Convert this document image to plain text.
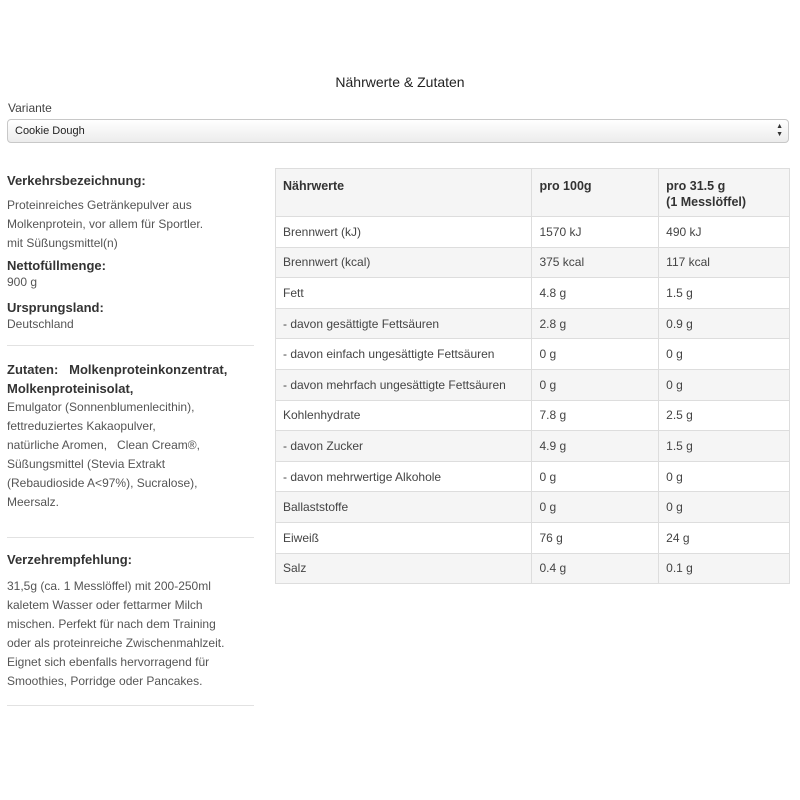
Nährwerte & Zutaten
Variante
Cookie Dough	▲
▼
Verkehrsbezeichnung:
Proteinreiches Getränkepulver aus
Molkenprotein, vor allem für Sportler.
mit Süßungsmittel(n)
Nettofüllmenge:
900 g
Ursprungsland:
Deutschland
Zutaten: Molkenproteinkonzentrat,
Molkenproteinisolat,
Emulgator (Sonnenblumenlecithin),
fettreduziertes Kakaopulver,
natürliche Aromen,   Clean Cream®,
Süßungsmittel (Stevia Extrakt
(Rebaudioside A<97%), Sucralose),
Meersalz.
Verzehrempfehlung:
31,5g (ca. 1 Messlöffel) mit 200-250ml
kaletem Wasser oder fettarmer Milch
mischen. Perfekt für nach dem Training
oder als proteinreiche Zwischenmahlzeit.
Eignet sich ebenfalls hervorragend für
Smoothies, Porridge oder Pancakes.
Nährwerte	pro 100g	pro 31.5 g
(1 Messlöffel)
Brennwert (kJ)	1570 kJ	490 kJ
Brennwert (kcal)	375 kcal	117 kcal
Fett	4.8 g	1.5 g
- davon gesättigte Fettsäuren	2.8 g	0.9 g
- davon einfach ungesättigte Fettsäuren	0 g	0 g
- davon mehrfach ungesättigte Fettsäuren	0 g	0 g
Kohlenhydrate	7.8 g	2.5 g
- davon Zucker	4.9 g	1.5 g
- davon mehrwertige Alkohole	0 g	0 g
Ballaststoffe	0 g	0 g
Eiweiß	76 g	24 g
Salz	0.4 g	0.1 g
